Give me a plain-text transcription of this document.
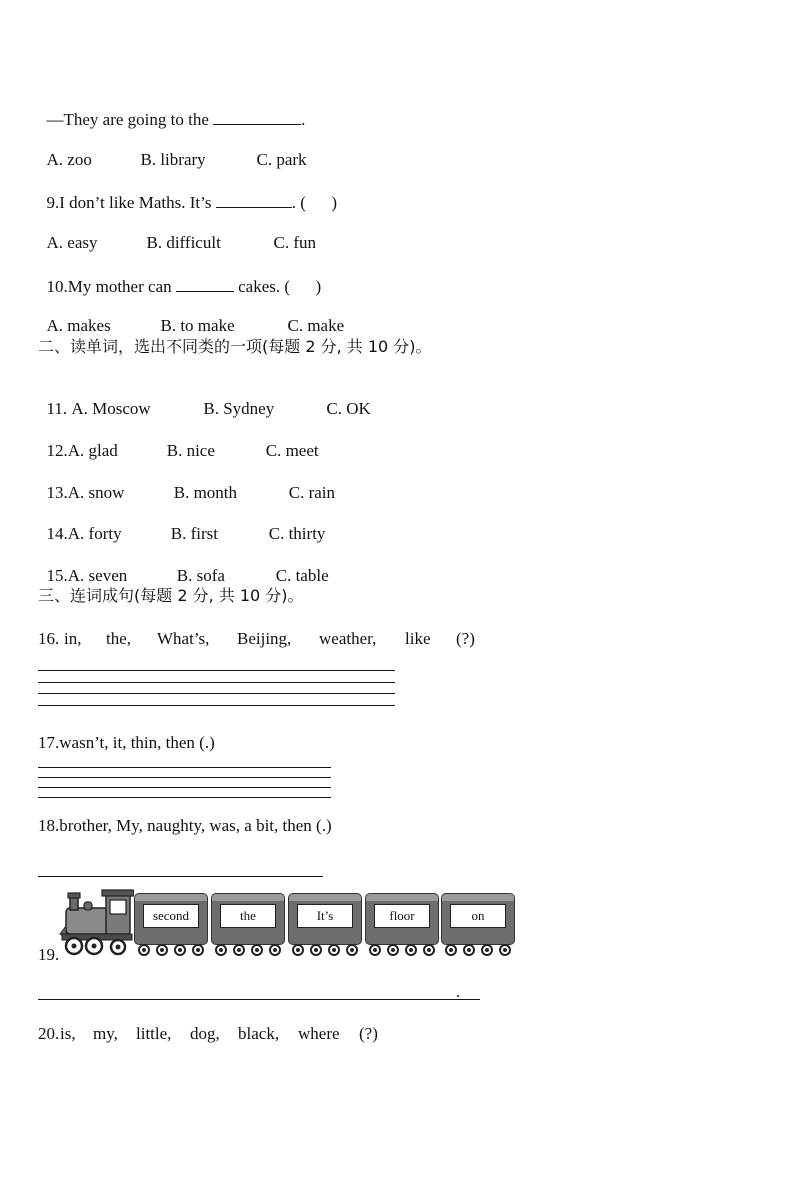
—They are going to the	.

A. zoo	B. library	C. park

9.I don’t like Maths. It’s	. (      )

A. easy	B. difficult	C. fun

10.My mother can	cakes. (      )

A. makes	B. to make	C. make

二、读单词，选出不同类的一项(每题 2 分, 共 10 分)。

11. A. Moscow	B. Sydney	C. OK

12.A. glad	B. nice	C. meet

13.A. snow	B. month	C. rain

14.A. forty	B. first	C. thirty

15.A. seven	B. sofa	C. table

三、连词成句(每题 2 分, 共 10 分)。

16.

in,

the,

What’s,

Beijing,

weather,

like

(?)

17.wasn’t, it, thin, then (.)
18.brother, My, naughty, was, a bit, then (.)
second	the	It’s	floor	on
19.
.

20.

is,

my,

little,

dog,

black,

where

(?)
